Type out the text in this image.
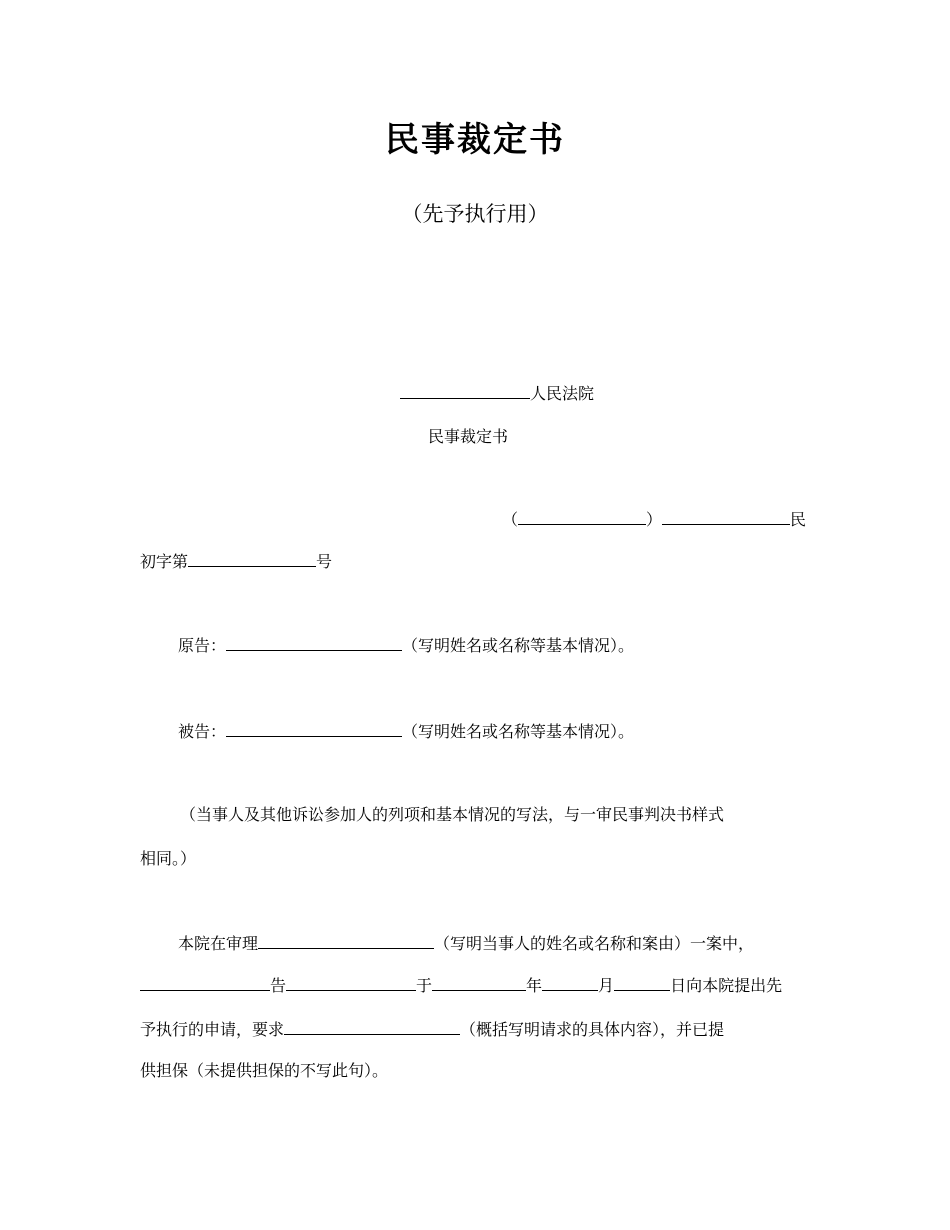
民事裁定书
（先予执行用）
人民法院
民事裁定书
（	）	民
初字第	号
原告：	（写明姓名或名称等基本情况）。
被告：	（写明姓名或名称等基本情况）。
（当事人及其他诉讼参加人的列项和基本情况的写法，与一审民事判决书样式
相同。）
本院在审理	（写明当事人的姓名或名称和案由）一案中，
告	于	年	月	日向本院提出先
予执行的申请，要求	（概括写明请求的具体内容），并已提
供担保（未提供担保的不写此句）。
